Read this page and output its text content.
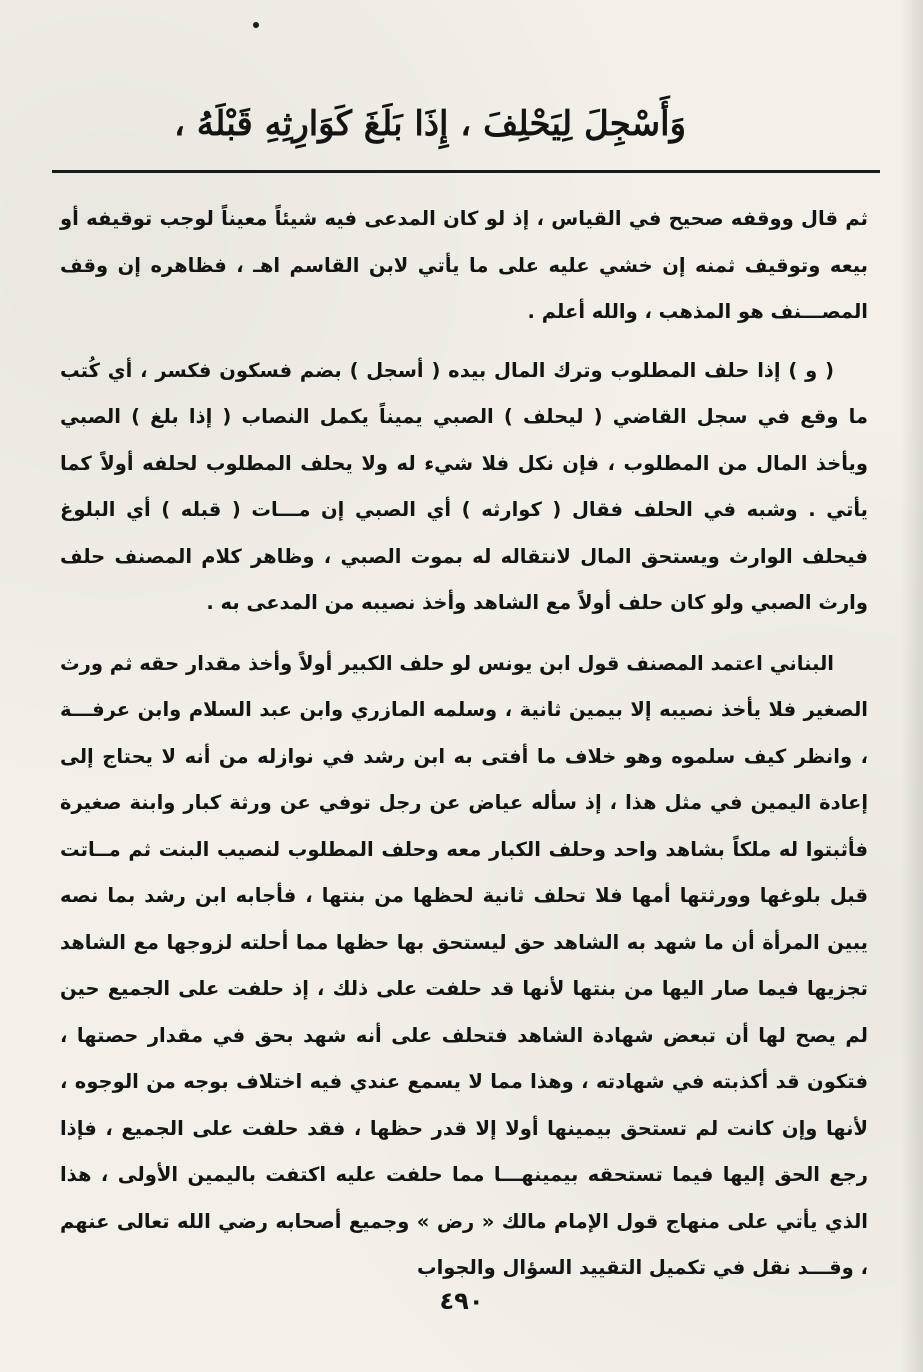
وَأَسْجِلَ لِيَحْلِفَ ، إِذَا بَلَغَ كَوَارِثِهِ قَبْلَهُ ،

ثم قال ووقفه صحيح في القياس ، إذ لو كان المدعى فيه شيئاً معيناً لوجب توقيفه أو بيعه وتوقيف ثمنه إن خشي عليه على ما يأتي لابن القاسم اهـ ، فظاهره إن وقف المصـــنف هو المذهب ، والله أعلم .

( و ) إذا حلف المطلوب وترك المال بيده ( أسجل ) بضم فسكون فكسر ، أي كُتب ما وقع في سجل القاضي ( ليحلف ) الصبي يميناً يكمل النصاب ( إذا بلغ ) الصبي ويأخذ المال من المطلوب ، فإن نكل فلا شيء له ولا يحلف المطلوب لحلفه أولاً كما يأتي . وشبه في الحلف فقال ( كوارثه ) أي الصبي إن مـــات ( قبله ) أي البلوغ فيحلف الوارث ويستحق المال لانتقاله له بموت الصبي ، وظاهر كلام المصنف حلف وارث الصبي ولو كان حلف أولاً مع الشاهد وأخذ نصيبه من المدعى به .

البناني اعتمد المصنف قول ابن يونس لو حلف الكبير أولاً وأخذ مقدار حقه ثم ورث الصغير فلا يأخذ نصيبه إلا بيمين ثانية ، وسلمه المازري وابن عبد السلام وابن عرفـــة ، وانظر كيف سلموه وهو خلاف ما أفتى به ابن رشد في نوازله من أنه لا يحتاج إلى إعادة اليمين في مثل هذا ، إذ سأله عياض عن رجل توفي عن ورثة كبار وابنة صغيرة فأثبتوا له ملكاً بشاهد واحد وحلف الكبار معه وحلف المطلوب لنصيب البنت ثم مــاتت قبل بلوغها وورثتها أمها فلا تحلف ثانية لحظها من بنتها ، فأجابه ابن رشد بما نصه يبين المرأة أن ما شهد به الشاهد حق ليستحق بها حظها مما أحلته لزوجها مع الشاهد تجزيها فيما صار اليها من بنتها لأنها قد حلفت على ذلك ، إذ حلفت على الجميع حين لم يصح لها أن تبعض شهادة الشاهد فتحلف على أنه شهد بحق في مقدار حصتها ، فتكون قد أكذبته في شهادته ، وهذا مما لا يسمع عندي فيه اختلاف بوجه من الوجوه ، لأنها وإن كانت لم تستحق بيمينها أولا إلا قدر حظها ، فقد حلفت على الجميع ، فإذا رجع الحق إليها فيما تستحقه بيمينهـــا مما حلفت عليه اكتفت باليمين الأولى ، هذا الذي يأتي على منهاج قول الإمام مالك « رض » وجميع أصحابه رضي الله تعالى عنهم ، وقـــد نقل في تكميل التقييد السؤال والجواب

٤٩٠
